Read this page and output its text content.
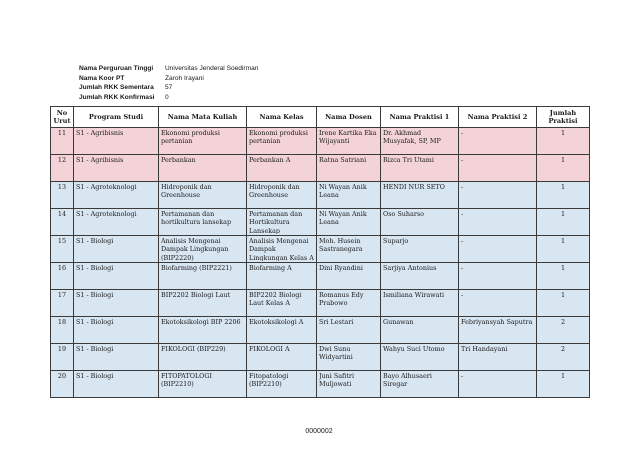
Nama Perguruan Tinggi	Universitas Jenderal Soedirman
Nama Koor PT	Zaroh Irayani
Jumlah RKK Sementara	57
Jumlah RKK Konfirmasi	0
No Urut	Program Studi	Nama Mata Kuliah	Nama Kelas	Nama Dosen	Nama Praktisi 1	Nama Praktisi 2	Jumlah Praktisi

11	S1 - Agribisnis	Ekonomi produksi pertanian	Ekonomi produksi pertanian	Irene Kartika Eka Wijayanti	Dr. Akhmad Musyafak, SP, MP	-	1

12	S1 - Agribisnis	Perbankan	Perbankan A	Ratna Satriani	Rizca Tri Utami	-	1

13	S1 - Agroteknologi	Hidroponik dan Greenhouse	Hidroponik dan Greenhouse	Ni Wayan Anik Leana	HENDI NUR SETO	-	1

14	S1 - Agroteknologi	Pertamanan dan hortikultura lansekap	Pertamanan dan Hortikultura Lansekap	Ni Wayan Anik Leana	Oso Suharso	-	1

15	S1 - Biologi	Analisis Mengenai Dampak Lingkungan (BIP2220)	Analisis Mengenai Dampak Lingkungan Kelas A	Moh. Husein Sastranegara	Suparjo	-	1

16	S1 - Biologi	Biofarming (BIP2221)	Biofarming A	Dini Ryandini	Sarjiya Antonius	-	1

17	S1 - Biologi	BIP2202 Biologi Laut	BIP2202 Biologi Laut Kelas A	Romanus Edy Prabowo	Ismiliana Wirawati	-	1

18	S1 - Biologi	Ekotoksikologi BIP 2206	Ekotoksikologi A	Sri Lestari	Gunawan	Febriyansyah Saputra	2

19	S1 - Biologi	FIKOLOGI (BIP229)	FIKOLOGI A	Dwi Sunu Widyartini	Wahyu Suci Utomo	Tri Handayani	2

20	S1 - Biologi	FITOPATOLOGI (BIP2210)	Fitopatologi (BIP2210)	Juni Safitri Muljowati	Bayo Alhusaeri Siregar	-	1
0000002
